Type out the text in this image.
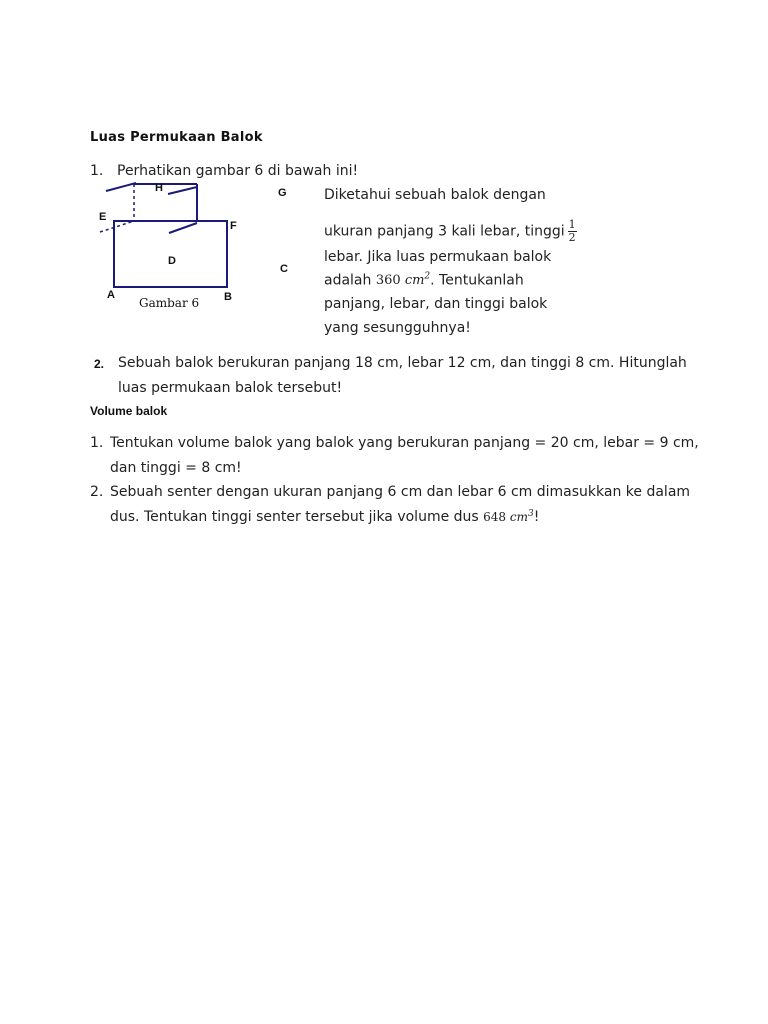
Luas Permukaan Balok
1. Perhatikan gambar 6 di bawah ini!
H	G
E
F
D
C
A	B
Gambar 6
Diketahui sebuah balok dengan
ukuran panjang 3 kali lebar, tinggi $\frac{1}{2}$
lebar. Jika luas permukaan balok
adalah 360 $cm^2$. Tentukanlah
panjang, lebar, dan tinggi balok
yang sesungguhnya!
2. Sebuah balok berukuran panjang 18 cm, lebar 12 cm, dan tinggi 8 cm. Hitunglah
luas permukaan balok tersebut!
Volume balok
1. Tentukan volume balok yang balok yang berukuran panjang = 20 cm, lebar = 9 cm,
dan tinggi = 8 cm!
2. Sebuah senter dengan ukuran panjang 6 cm dan lebar 6 cm dimasukkan ke dalam
dus. Tentukan tinggi senter tersebut jika volume dus 648 $cm^3$!
